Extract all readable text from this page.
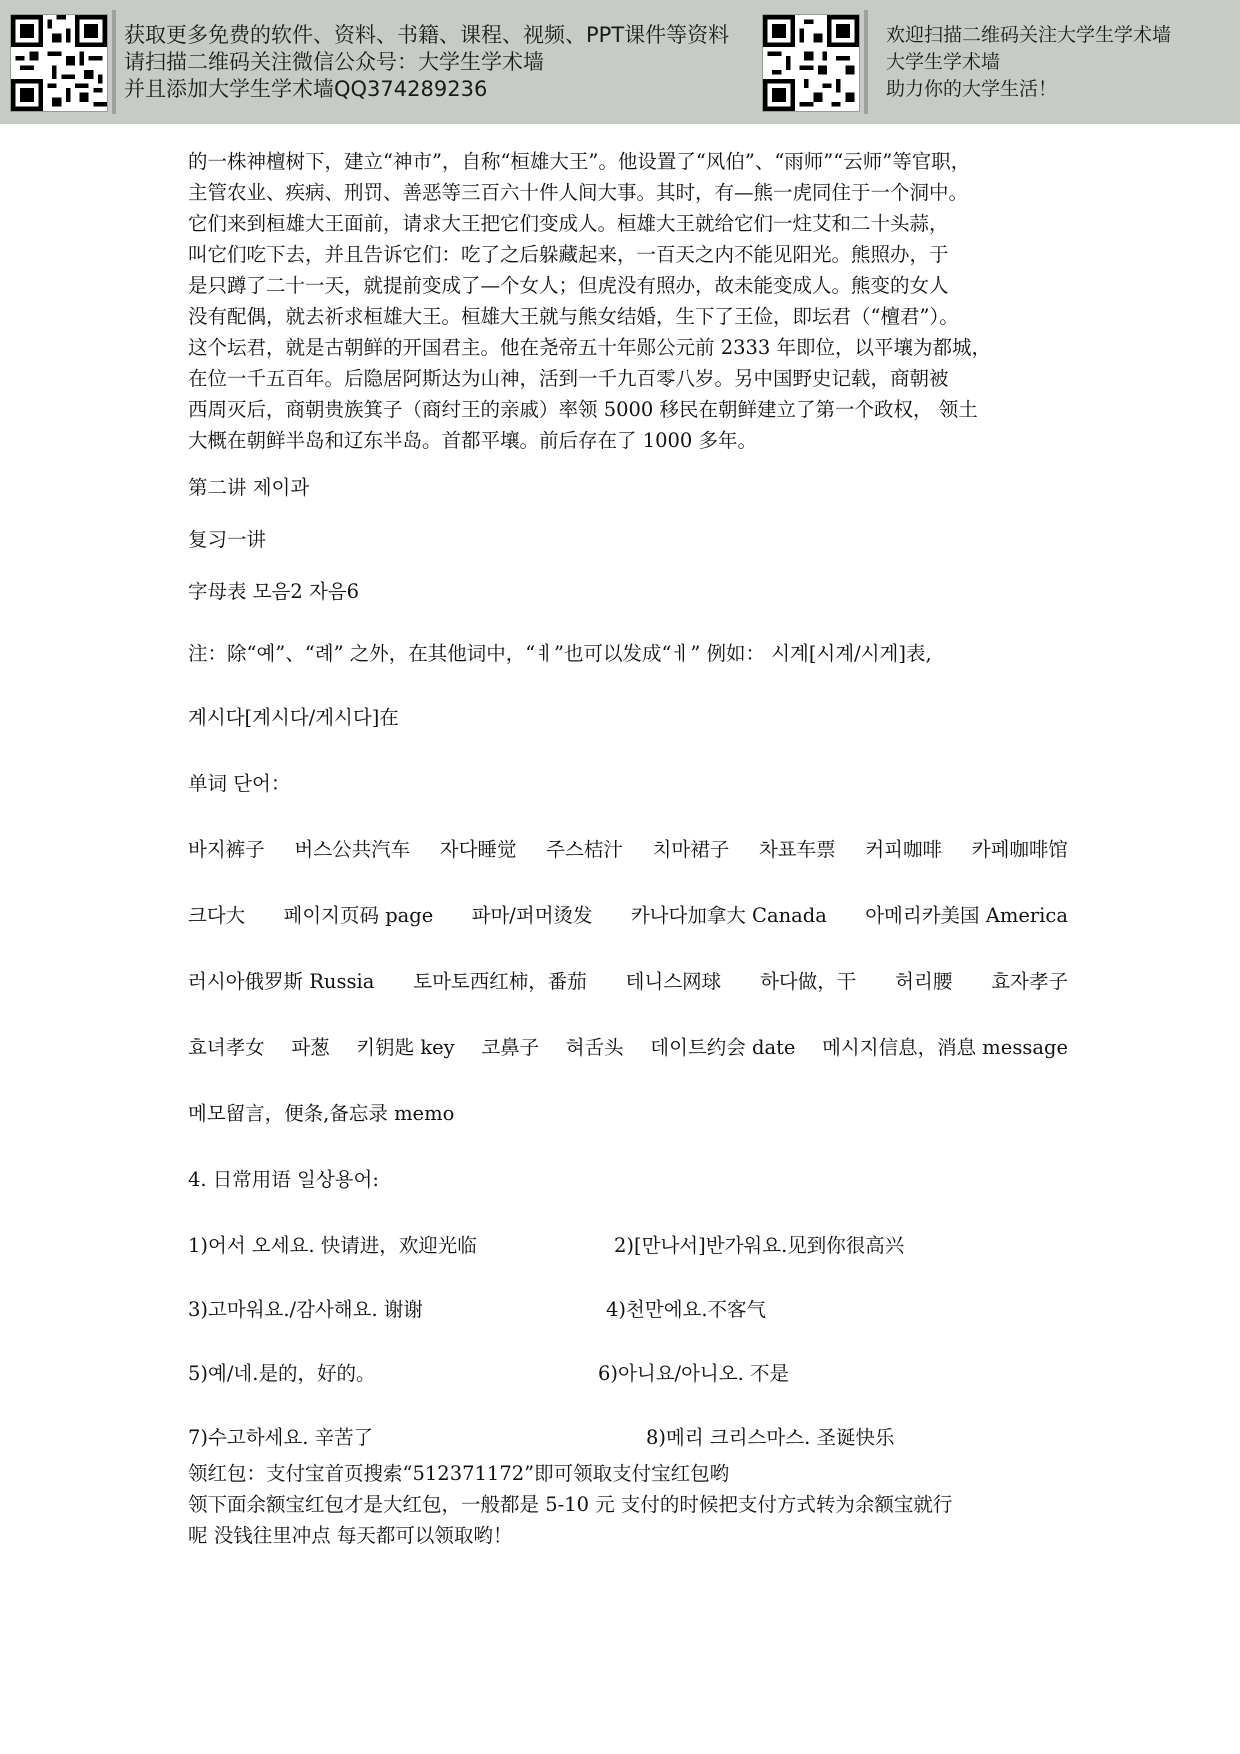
获取更多免费的软件、资料、书籍、课程、视频、PPT课件等资料
请扫描二维码关注微信公众号：大学生学术墙
并且添加大学生学术墙QQ374289236
欢迎扫描二维码关注大学生学术墙
大学生学术墙
助力你的大学生活！
的一株神檀树下，建立“神市”，自称“桓雄大王”。他设置了“风伯”、“雨师”“云师”等官职，
主管农业、疾病、刑罚、善恶等三百六十件人间大事。其时，有—熊一虎同住于一个洞中。
它们来到桓雄大王面前，请求大王把它们变成人。桓雄大王就给它们一炷艾和二十头蒜，
叫它们吃下去，并且告诉它们：吃了之后躲藏起来，一百天之内不能见阳光。熊照办，于
是只蹲了二十一天，就提前变成了—个女人；但虎没有照办，故未能变成人。熊变的女人
没有配偶，就去祈求桓雄大王。桓雄大王就与熊女结婚，生下了王俭，即坛君（“檀君”）。
这个坛君，就是古朝鲜的开国君主。他在尧帝五十年郧公元前 2333 年即位，以平壤为都城，
在位一千五百年。后隐居阿斯达为山神，活到一千九百零八岁。另中国野史记载，商朝被
西周灭后，商朝贵族箕子（商纣王的亲戚）率领 5000 移民在朝鲜建立了第一个政权， 领土
大概在朝鲜半岛和辽东半岛。首都平壤。前后存在了 1000 多年。
第二讲 제이과
复习一讲
字母表 모음2 자음6
注：除“예”、“례” 之外，在其他词中，“ㅖ”也可以发成“ㅔ” 例如： 시계[시계/시게]表,
계시다[계시다/게시다]在
单词 단어：
바지裤子 버스公共汽车 자다睡觉 주스桔汁 치마裙子 차표车票 커피咖啡 카페咖啡馆
크다大 페이지页码 page 파마/퍼머烫发 카나다加拿大 Canada 아메리카美国 America
러시아俄罗斯 Russia 토마토西红柿，番茄 테니스网球 하다做，干 허리腰 효자孝子
효녀孝女 파葱 키钥匙 key 코鼻子 혀舌头 데이트约会 date 메시지信息，消息 message
메모留言，便条,备忘录 memo
4. 日常用语 일상용어:
1)어서 오세요. 快请进，欢迎光临	2)[만나서]반가워요.见到你很高兴
3)고마워요./감사해요. 谢谢	4)천만에요.不客气
5)예/네.是的，好的。	6)아니요/아니오. 不是
7)수고하세요. 辛苦了	8)메리 크리스마스. 圣诞快乐
领红包：支付宝首页搜索“512371172”即可领取支付宝红包哟
领下面余额宝红包才是大红包，一般都是 5-10 元 支付的时候把支付方式转为余额宝就行
呢 没钱往里冲点 每天都可以领取哟！
